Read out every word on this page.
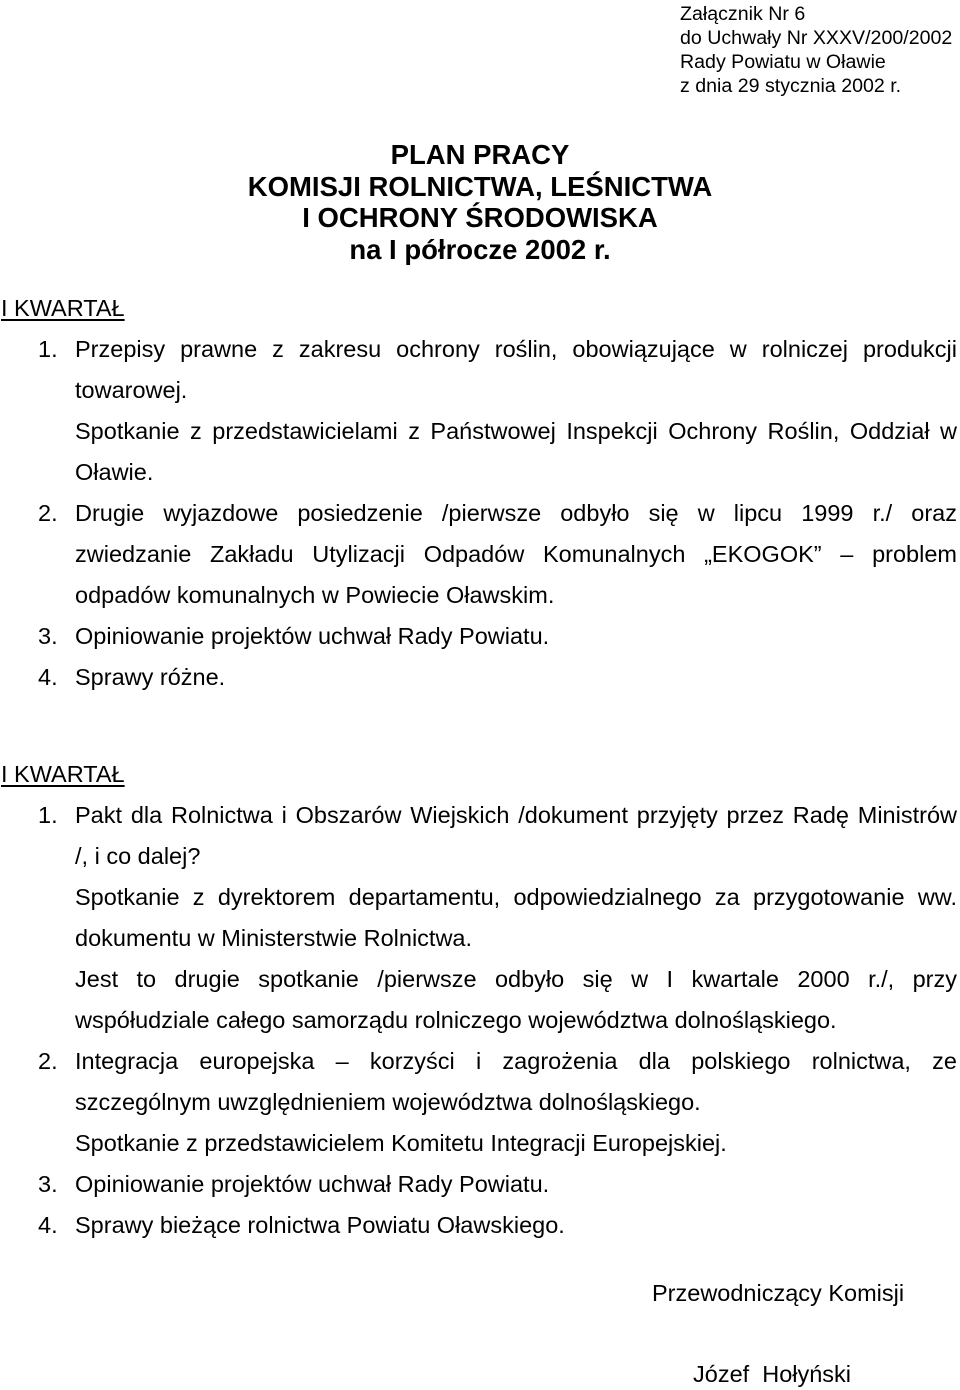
Załącznik Nr 6
do Uchwały Nr XXXV/200/2002
Rady Powiatu w Oławie
z dnia 29 stycznia 2002 r.
PLAN PRACY
KOMISJI ROLNICTWA, LEŚNICTWA
I OCHRONY ŚRODOWISKA
na I półrocze 2002 r.
I KWARTAŁ
1. Przepisy prawne z zakresu ochrony roślin, obowiązujące w rolniczej produkcji
towarowej.
Spotkanie z przedstawicielami z Państwowej Inspekcji Ochrony Roślin, Oddział w
Oławie.
2. Drugie wyjazdowe posiedzenie /pierwsze odbyło się w lipcu 1999 r./ oraz
zwiedzanie Zakładu Utylizacji Odpadów Komunalnych „EKOGOK” – problem
odpadów komunalnych w Powiecie Oławskim.
3. Opiniowanie projektów uchwał Rady Powiatu.
4. Sprawy różne.
I KWARTAŁ
1. Pakt dla Rolnictwa i Obszarów Wiejskich /dokument przyjęty przez Radę Ministrów
/, i co dalej?
Spotkanie z dyrektorem departamentu, odpowiedzialnego za przygotowanie ww.
dokumentu w Ministerstwie Rolnictwa.
Jest to drugie spotkanie /pierwsze odbyło się w I kwartale 2000 r./, przy
współudziale całego samorządu rolniczego województwa dolnośląskiego.
2. Integracja europejska – korzyści i zagrożenia dla polskiego rolnictwa, ze
szczególnym uwzględnieniem województwa dolnośląskiego.
Spotkanie z przedstawicielem Komitetu Integracji Europejskiej.
3. Opiniowanie projektów uchwał Rady Powiatu.
4. Sprawy bieżące rolnictwa Powiatu Oławskiego.
Przewodniczący Komisji
Józef  Hołyński
